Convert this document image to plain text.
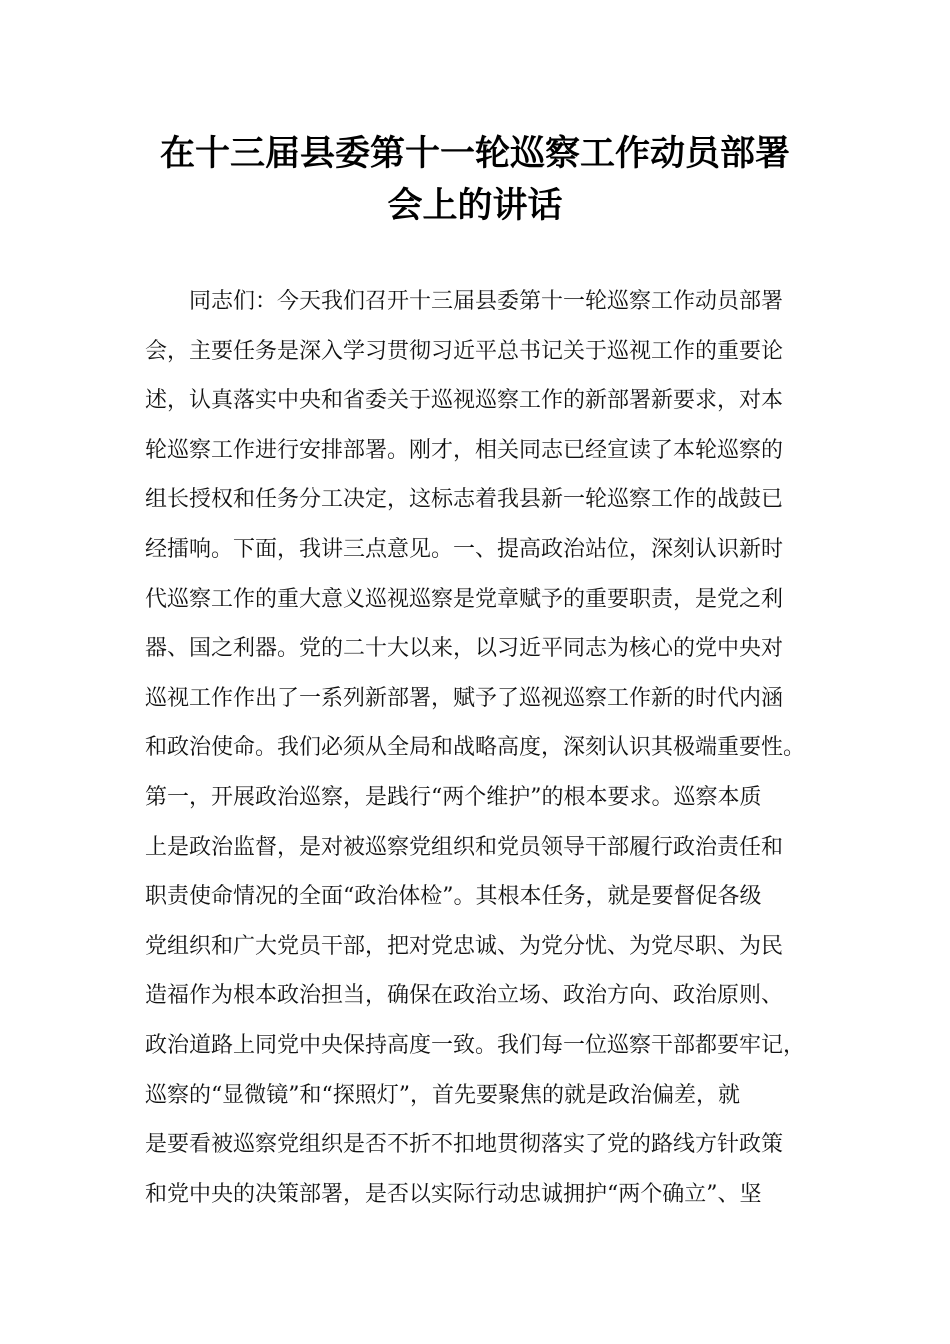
在十三届县委第十一轮巡察工作动员部署
会上的讲话
　　同志们：今天我们召开十三届县委第十一轮巡察工作动员部署
会，主要任务是深入学习贯彻习近平总书记关于巡视工作的重要论
述，认真落实中央和省委关于巡视巡察工作的新部署新要求，对本
轮巡察工作进行安排部署。刚才，相关同志已经宣读了本轮巡察的
组长授权和任务分工决定，这标志着我县新一轮巡察工作的战鼓已
经擂响。下面，我讲三点意见。一、提高政治站位，深刻认识新时
代巡察工作的重大意义巡视巡察是党章赋予的重要职责，是党之利
器、国之利器。党的二十大以来，以习近平同志为核心的党中央对
巡视工作作出了一系列新部署，赋予了巡视巡察工作新的时代内涵
和政治使命。我们必须从全局和战略高度，深刻认识其极端重要性。
第一，开展政治巡察，是践行“两个维护”的根本要求。巡察本质
上是政治监督，是对被巡察党组织和党员领导干部履行政治责任和
职责使命情况的全面“政治体检”。其根本任务，就是要督促各级
党组织和广大党员干部，把对党忠诚、为党分忧、为党尽职、为民
造福作为根本政治担当，确保在政治立场、政治方向、政治原则、
政治道路上同党中央保持高度一致。我们每一位巡察干部都要牢记，
巡察的“显微镜”和“探照灯”，首先要聚焦的就是政治偏差，就
是要看被巡察党组织是否不折不扣地贯彻落实了党的路线方针政策
和党中央的决策部署，是否以实际行动忠诚拥护“两个确立”、坚
